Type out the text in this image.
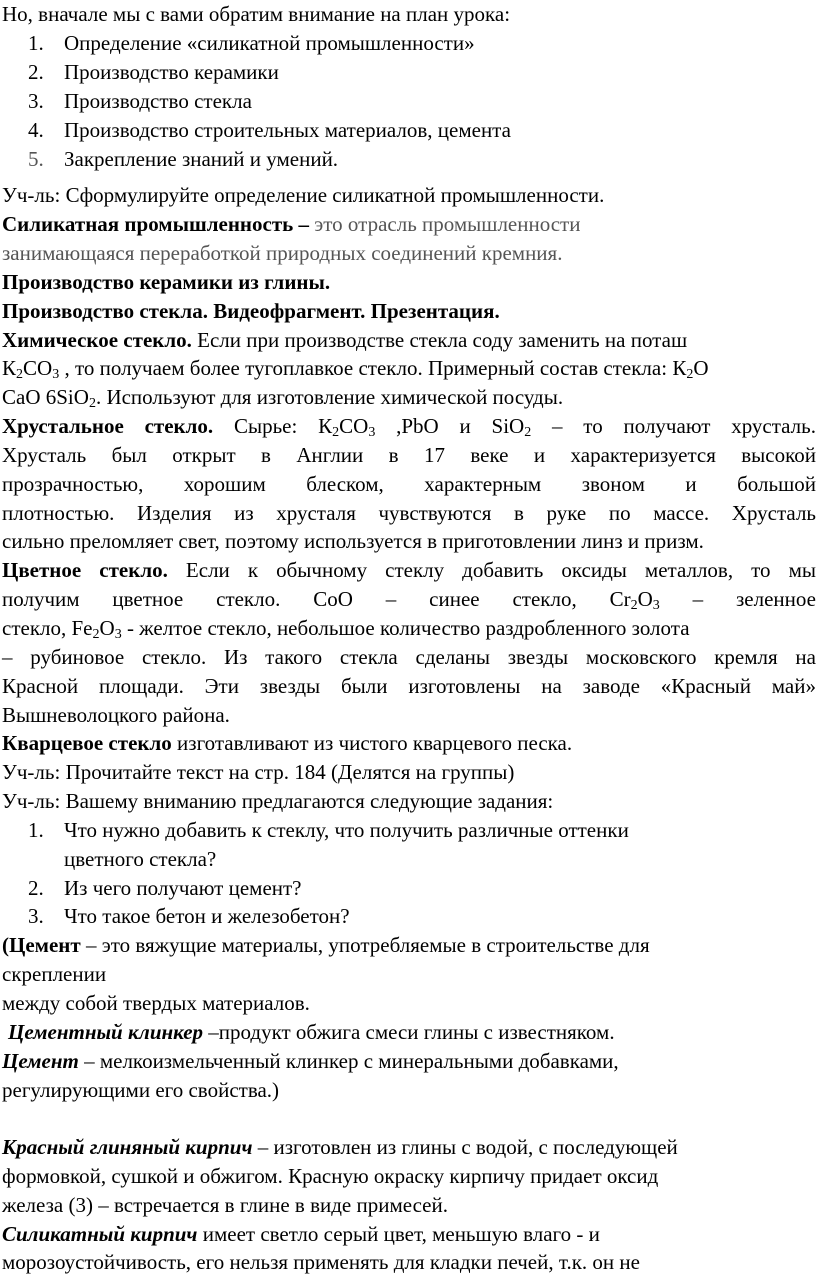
Но, вначале мы с вами обратим внимание на план урока:
1. Определение «силикатной промышленности»
2. Производство керамики
3. Производство стекла
4. Производство строительных материалов, цемента
5. Закрепление знаний и умений.
Уч-ль: Сформулируйте определение силикатной промышленности.
Силикатная промышленность – это отрасль промышленности
занимающаяся переработкой природных соединений кремния.
Производство керамики из глины.
Производство стекла. Видеофрагмент. Презентация.
Химическое стекло. Если при производстве стекла соду заменить на поташ
$К_2CO_3$ , то получаем более тугоплавкое стекло. Примерный состав стекла: $К_2O$
CaO 6SiO$_2$. Используют для изготовление химической посуды.
Хрустальное стекло. Сырье: $К_2CO_3$ ,PbO и SiO$_2$ – то получают хрусталь.
Хрусталь был открыт в Англии в 17 веке и характеризуется высокой
прозрачностью, хорошим блеском, характерным звоном и большой
плотностью. Изделия из хрусталя чувствуются в руке по массе. Хрусталь
сильно преломляет свет, поэтому используется в приготовлении линз и призм.
Цветное стекло. Если к обычному стеклу добавить оксиды металлов, то мы
получим цветное стекло. CoO – синее стекло, $Cr_2O_3$ – зеленное
стекло, $Fe_2O_3$ - желтое стекло, небольшое количество раздробленного золота
– рубиновое стекло. Из такого стекла сделаны звезды московского кремля на
Красной площади. Эти звезды были изготовлены на заводе «Красный май»
Вышневолоцкого района.
Кварцевое стекло изготавливают из чистого кварцевого песка.
Уч-ль: Прочитайте текст на стр. 184 (Делятся на группы)
Уч-ль: Вашему вниманию предлагаются следующие задания:
1. Что нужно добавить к стеклу, что получить различные оттенки
цветного стекла?
2. Из чего получают цемент?
3. Что такое бетон и железобетон?
(Цемент – это вяжущие материалы, употребляемые в строительстве для
скреплении
между собой твердых материалов.
Цементный клинкер –продукт обжига смеси глины с известняком.
Цемент – мелкоизмельченный клинкер с минеральными добавками,
регулирующими его свойства.)
Красный глиняный кирпич – изготовлен из глины с водой, с последующей
формовкой, сушкой и обжигом. Красную окраску кирпичу придает оксид
железа (3) – встречается в глине в виде примесей.
Силикатный кирпич имеет светло серый цвет, меньшую влаго - и
морозоустойчивость, его нельзя применять для кладки печей, т.к. он не
